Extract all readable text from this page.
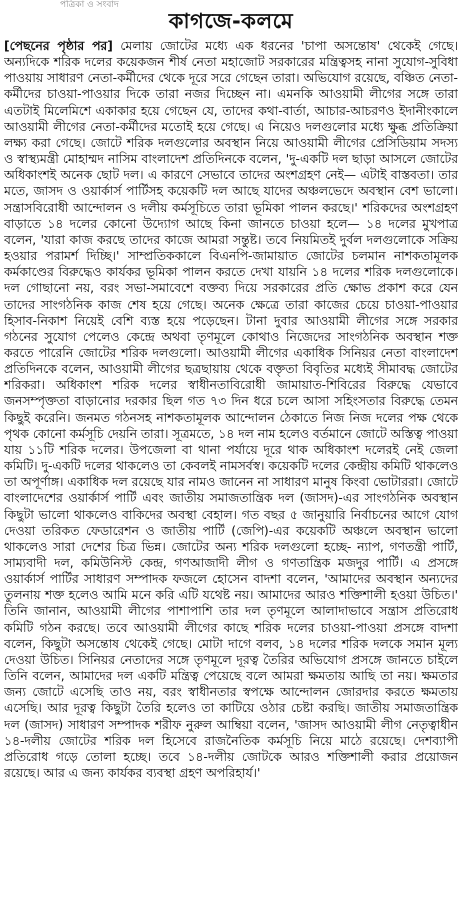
পত্রিকা ও সংবাদ
কাগজে-কলমে

[পেছনের পৃষ্ঠার পর] মেলায় জোটের মধ্যে এক ধরনের 'চাপা অসন্তোষ' থেকেই গেছে। অন্যদিকে শরিক দলের কয়েকজন শীর্ষ নেতা মহাজোট সরকারের মন্ত্রিত্বসহ নানা সুযোগ-সুবিধা পাওয়ায় সাধারণ নেতা-কর্মীদের থেকে দূরে সরে গেছেন তারা। অভিযোগ রয়েছে, বঞ্চিত নেতা-কর্মীদের চাওয়া-পাওয়ার দিকে তারা নজর দিচ্ছেন না। এমনকি আওয়ামী লীগের সঙ্গে তারা এতটাই মিলেমিশে একাকার হয়ে গেছেন যে, তাদের কথা-বার্তা, আচার-আচরণও ইদানীংকালে আওয়ামী লীগের নেতা-কর্মীদের মতোই হয়ে গেছে। এ নিয়েও দলগুলোর মধ্যে ক্ষুব্ধ প্রতিক্রিয়া লক্ষ্য করা গেছে। জোটে শরিক দলগুলোর অবস্থান নিয়ে আওয়ামী লীগের প্রেসিডিয়াম সদস্য ও স্বাস্থ্যমন্ত্রী মোহাম্মদ নাসিম বাংলাদেশ প্রতিদিনকে বলেন, 'দু-একটি দল ছাড়া আসলে জোটের অধিকাংশই অনেক ছোট দল। এ কারণে সেভাবে তাদের অংশগ্রহণ নেই— এটাই বাস্তবতা। তার মতে, জাসদ ও ওয়ার্কার্স পার্টিসহ কয়েকটি দল আছে যাদের অঞ্চলভেদে অবস্থান বেশ ভালো। সন্ত্রাসবিরোধী আন্দোলন ও দলীয় কর্মসূচিতে তারা ভূমিকা পালন করছে।' শরিকদের অংশগ্রহণ বাড়াতে ১৪ দলের কোনো উদ্যোগ আছে কিনা জানতে চাওয়া হলে— ১৪ দলের মুখপাত্র বলেন, 'যারা কাজ করছে তাদের কাজে আমরা সন্তুষ্ট। তবে নিয়মিতই দুর্বল দলগুলোকে সক্রিয় হওয়ার পরামর্শ দিচ্ছি।' সাম্প্রতিককালে বিএনপি-জামায়াত জোটের চলমান নাশকতামূলক কর্মকাণ্ডের বিরুদ্ধেও কার্যকর ভূমিকা পালন করতে দেখা যায়নি ১৪ দলের শরিক দলগুলোকে। দল গোছানো নয়, বরং সভা-সমাবেশে বক্তব্য দিয়ে সরকারের প্রতি ক্ষোভ প্রকাশ করে যেন তাদের সাংগঠনিক কাজ শেষ হয়ে গেছে। অনেক ক্ষেত্রে তারা কাজের চেয়ে চাওয়া-পাওয়ার হিসাব-নিকাশ নিয়েই বেশি ব্যস্ত হয়ে পড়েছেন। টানা দুবার আওয়ামী লীগের সঙ্গে সরকার গঠনের সুযোগ পেলেও কেন্দ্রে অথবা তৃণমূলে কোথাও নিজেদের সাংগঠনিক অবস্থান শক্ত করতে পারেনি জোটের শরিক দলগুলো। আওয়ামী লীগের একাধিক সিনিয়র নেতা বাংলাদেশ প্রতিদিনকে বলেন, আওয়ামী লীগের ছত্রছায়ায় থেকে বক্তৃতা বিবৃতির মধ্যেই সীমাবদ্ধ জোটের শরিকরা। অধিকাংশ শরিক দলের স্বাধীনতাবিরোধী জামায়াত-শিবিরের বিরুদ্ধে যেভাবে জনসম্পৃক্ততা বাড়ানোর দরকার ছিল গত ৭৩ দিন ধরে চলে আসা সহিংসতার বিরুদ্ধে তেমন কিছুই করেনি। জনমত গঠনসহ নাশকতামূলক আন্দোলন ঠেকাতে নিজ নিজ দলের পক্ষ থেকে পৃথক কোনো কর্মসূচি দেয়নি তারা। সূত্রমতে, ১৪ দল নাম হলেও বর্তমানে জোটে অস্তিত্ব পাওয়া যায় ১১টি শরিক দলের। উপজেলা বা থানা পর্যায়ে দূরে থাক অধিকাংশ দলেরই নেই জেলা কমিটি। দু-একটি দলের থাকলেও তা কেবলই নামসর্বস্ব। কয়েকটি দলের কেন্দ্রীয় কমিটি থাকলেও তা অপূর্ণাঙ্গ। একাধিক দল রয়েছে যার নামও জানেন না সাধারণ মানুষ কিংবা ভোটাররা। জোটে বাংলাদেশের ওয়ার্কার্স পার্টি এবং জাতীয় সমাজতান্ত্রিক দল (জাসদ)-এর সাংগঠনিক অবস্থান কিছুটা ভালো থাকলেও বাকিদের অবস্থা বেহাল। গত বছর ৫ জানুয়ারি নির্বাচনের আগে যোগ দেওয়া তরিকত ফেডারেশন ও জাতীয় পার্টি (জেপি)-এর কয়েকটি অঞ্চলে অবস্থান ভালো থাকলেও সারা দেশের চিত্র ভিন্ন। জোটের অন্য শরিক দলগুলো হচ্ছে- ন্যাপ, গণতন্ত্রী পার্টি, সাম্যবাদী দল, কমিউনিস্ট কেন্দ্র, গণআজাদী লীগ ও গণতান্ত্রিক মজদুর পার্টি। এ প্রসঙ্গে ওয়ার্কার্স পার্টির সাধারণ সম্পাদক ফজলে হোসেন বাদশা বলেন, 'আমাদের অবস্থান অন্যদের তুলনায় শক্ত হলেও আমি মনে করি এটি যথেষ্ট নয়। আমাদের আরও শক্তিশালী হওয়া উচিত।' তিনি জানান, আওয়ামী লীগের পাশাপাশি তার দল তৃণমূলে আলাদাভাবে সন্ত্রাস প্রতিরোধ কমিটি গঠন করছে। তবে আওয়ামী লীগের কাছে শরিক দলের চাওয়া-পাওয়া প্রসঙ্গে বাদশা বলেন, কিছুটা অসন্তোষ থেকেই গেছে। মোটা দাগে বলব, ১৪ দলের শরিক দলকে সমান মূল্য দেওয়া উচিত। সিনিয়র নেতাদের সঙ্গে তৃণমূলে দূরত্ব তৈরির অভিযোগ প্রসঙ্গে জানতে চাইলে তিনি বলেন, আমাদের দল একটি মন্ত্রিত্ব পেয়েছে বলে আমরা ক্ষমতায় আছি তা নয়। ক্ষমতার জন্য জোটে এসেছি তাও নয়, বরং স্বাধীনতার স্বপক্ষে আন্দোলন জোরদার করতে ক্ষমতায় এসেছি। আর দূরত্ব কিছুটা তৈরি হলেও তা কাটিয়ে ওঠার চেষ্টা করছি। জাতীয় সমাজতান্ত্রিক দল (জাসদ) সাধারণ সম্পাদক শরীফ নুরুল আম্বিয়া বলেন, 'জাসদ আওয়ামী লীগ নেতৃত্বাধীন ১৪-দলীয় জোটের শরিক দল হিসেবে রাজনৈতিক কর্মসূচি নিয়ে মাঠে রয়েছে। দেশব্যাপী প্রতিরোধ গড়ে তোলা হচ্ছে। তবে ১৪-দলীয় জোটকে আরও শক্তিশালী করার প্রয়োজন রয়েছে। আর এ জন্য কার্যকর ব্যবস্থা গ্রহণ অপরিহার্য।'
